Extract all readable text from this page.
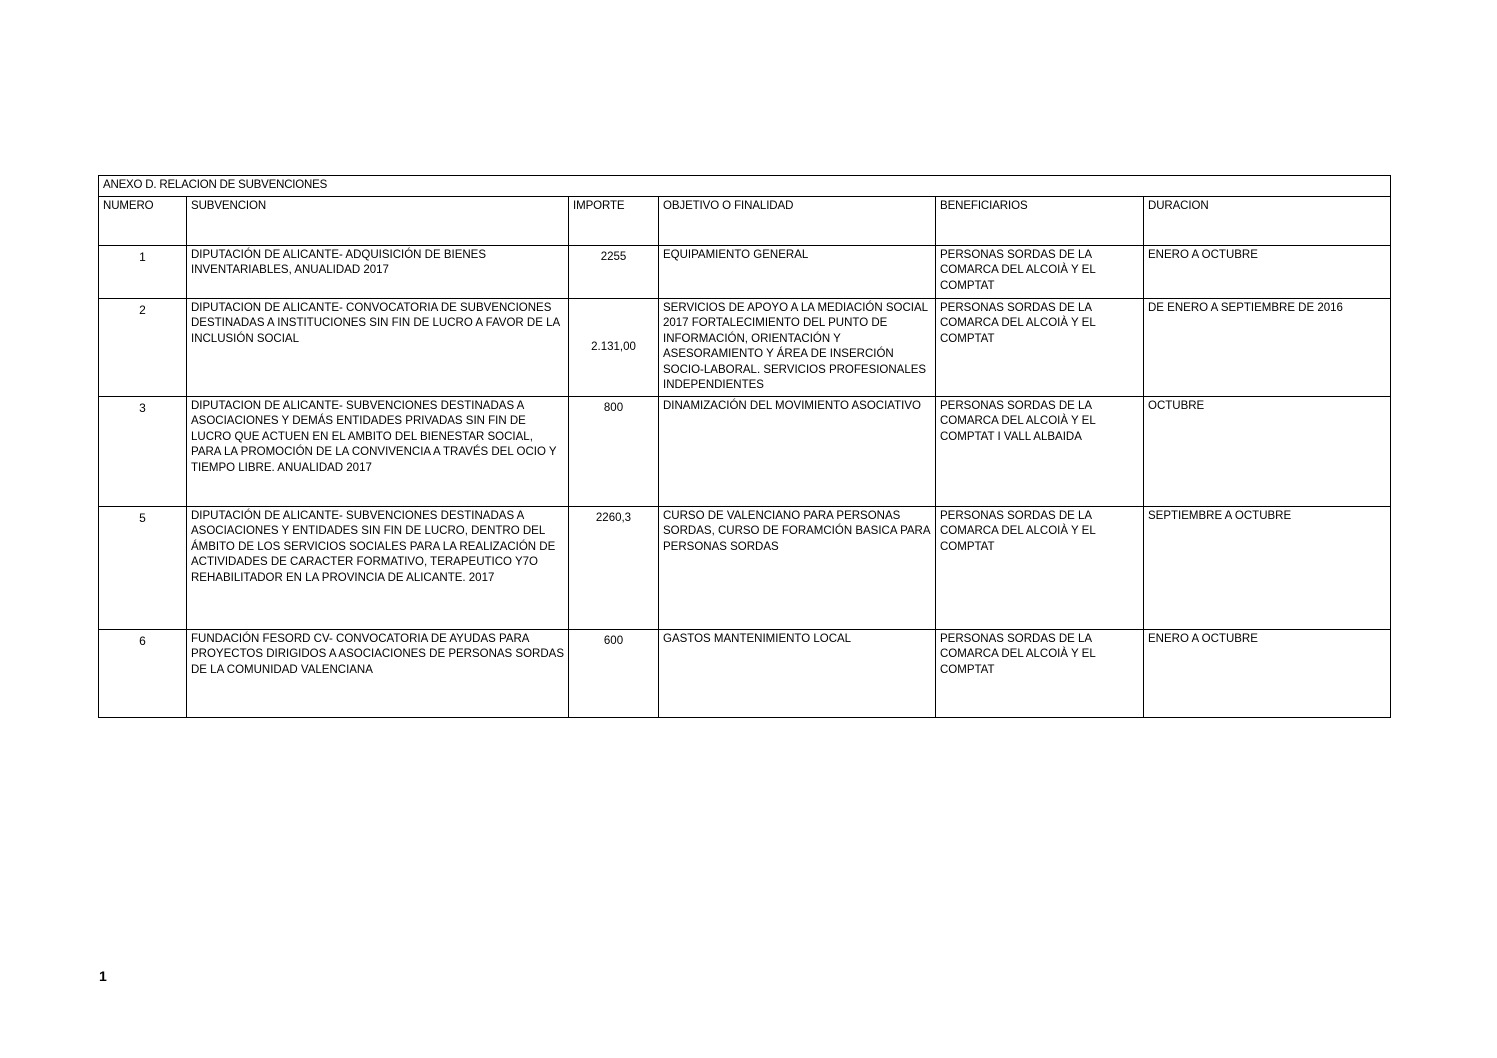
ANEXO D. RELACION DE SUBVENCIONES					
NUMERO	SUBVENCION	IMPORTE	OBJETIVO O FINALIDAD	BENEFICIARIOS	DURACION
1	DIPUTACIÓN DE ALICANTE- ADQUISICIÓN DE BIENES INVENTARIABLES, ANUALIDAD 2017	2255	EQUIPAMIENTO GENERAL	PERSONAS SORDAS DE LA COMARCA DEL ALCOIÀ Y EL COMPTAT	ENERO A OCTUBRE
2	DIPUTACION DE ALICANTE- CONVOCATORIA DE SUBVENCIONES DESTINADAS A INSTITUCIONES SIN FIN DE LUCRO A FAVOR DE LA INCLUSIÓN SOCIAL	2.131,00	SERVICIOS DE APOYO A LA MEDIACIÓN SOCIAL 2017 FORTALECIMIENTO DEL PUNTO DE INFORMACIÓN, ORIENTACIÓN Y ASESORAMIENTO Y ÁREA DE INSERCIÓN SOCIO-LABORAL. SERVICIOS PROFESIONALES INDEPENDIENTES	PERSONAS SORDAS DE LA COMARCA DEL ALCOIÀ Y EL COMPTAT	DE ENERO A SEPTIEMBRE DE 2016
3	DIPUTACION DE ALICANTE- SUBVENCIONES DESTINADAS A ASOCIACIONES Y DEMÁS ENTIDADES PRIVADAS SIN FIN DE LUCRO QUE ACTUEN EN EL AMBITO DEL BIENESTAR SOCIAL, PARA LA PROMOCIÓN DE LA CONVIVENCIA A TRAVÉS DEL OCIO Y TIEMPO LIBRE. ANUALIDAD 2017	800	DINAMIZACIÓN DEL MOVIMIENTO ASOCIATIVO	PERSONAS SORDAS DE LA COMARCA DEL ALCOIÀ Y EL COMPTAT I VALL ALBAIDA	OCTUBRE
5	DIPUTACIÓN DE ALICANTE- SUBVENCIONES DESTINADAS A ASOCIACIONES Y ENTIDADES SIN FIN DE LUCRO, DENTRO DEL ÁMBITO DE LOS SERVICIOS SOCIALES PARA LA REALIZACIÓN DE ACTIVIDADES DE CARACTER FORMATIVO, TERAPEUTICO Y7O REHABILITADOR EN LA PROVINCIA DE ALICANTE. 2017	2260,3	CURSO DE VALENCIANO PARA PERSONAS SORDAS, CURSO DE FORAMCIÓN BASICA PARA PERSONAS SORDAS	PERSONAS SORDAS DE LA COMARCA DEL ALCOIÀ Y EL COMPTAT	SEPTIEMBRE A OCTUBRE
6	FUNDACIÓN FESORD CV- CONVOCATORIA DE AYUDAS PARA PROYECTOS DIRIGIDOS A ASOCIACIONES DE PERSONAS SORDAS DE LA COMUNIDAD VALENCIANA	600	GASTOS MANTENIMIENTO LOCAL	PERSONAS SORDAS DE LA COMARCA DEL ALCOIÀ Y EL COMPTAT	ENERO A OCTUBRE
1
